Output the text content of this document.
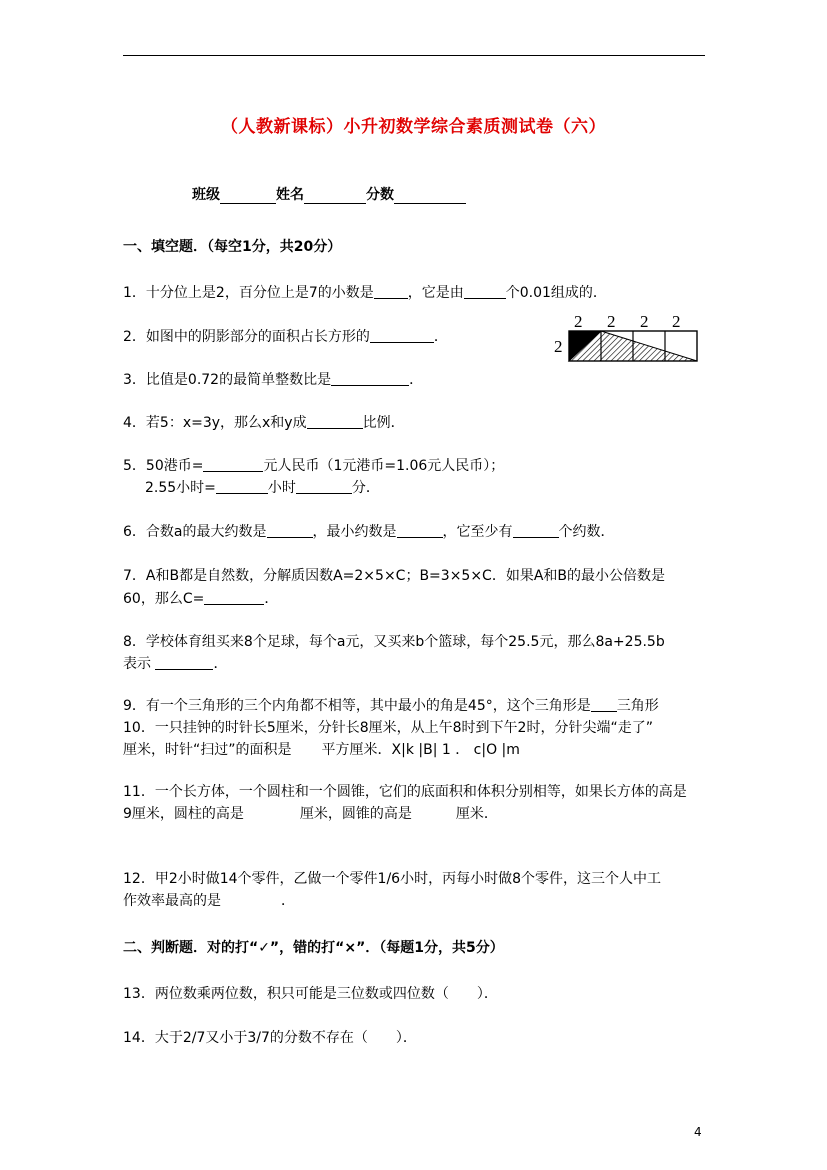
（人教新课标）小升初数学综合素质测试卷（六）
班级	姓名	分数
一、填空题．（每空1分，共20分）
1．十分位上是2，百分位上是7的小数是 ，它是由	个0.01组成的．
2．如图中的阴影部分的面积占长方形的	．
2 2 2 2
2
3．比值是0.72的最简单整数比是	．
4．若5：x=3y，那么x和y成	比例．
5．50港币=	元人民币（1元港币=1.06元人民币）；
2.55小时=	小时	分．
6．合数a的最大约数是	，最小约数是	，它至少有	个约数．
7．A和B都是自然数，分解质因数A=2×5×C；B=3×5×C．如果A和B的最小公倍数是
60，那么C=	．
8．学校体育组买来8个足球，每个a元，又买来b个篮球，每个25.5元，那么8a+25.5b
表示	．
9．有一个三角形的三个内角都不相等，其中最小的角是45°，这个三角形是 三角形
10．一只挂钟的时针长5厘米，分针长8厘米，从上午8时到下午2时，分针尖端“走了”
厘米，时针“扫过”的面积是 平方厘米．X|k |B| 1 ． c|O |m
11．一个长方体，一个圆柱和一个圆锥，它们的底面积和体积分别相等，如果长方体的高是
9厘米，圆柱的高是	厘米，圆锥的高是	厘米．
12．甲2小时做14个零件，乙做一个零件1/6小时，丙每小时做8个零件，这三个人中工
作效率最高的是	．
二、判断题．对的打“✓”，错的打“×”．（每题1分，共5分）
13．两位数乘两位数，积只可能是三位数或四位数（　　）．
14．大于2/7又小于3/7的分数不存在（　　）．
4
